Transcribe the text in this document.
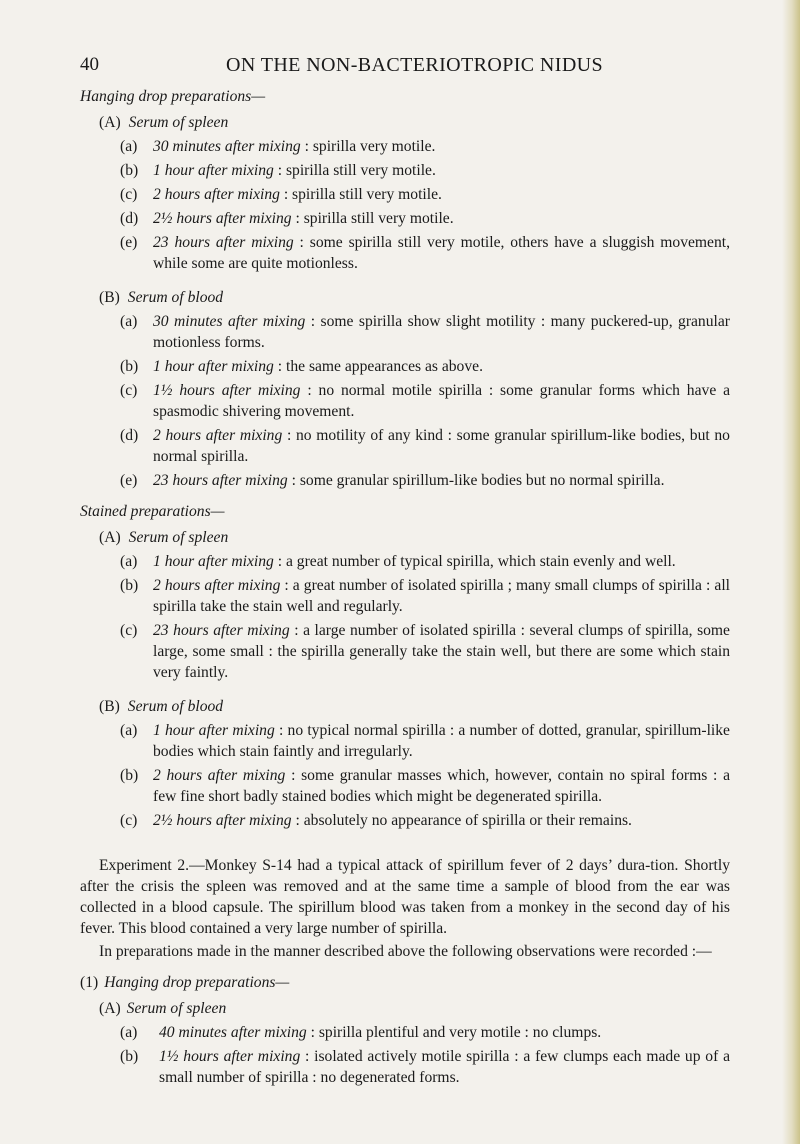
40	ON THE NON-BACTERIOTROPIC NIDUS

Hanging drop preparations—

(A) Serum of spleen
(a)	30 minutes after mixing : spirilla very motile.
(b) 1 hour after mixing : spirilla still very motile.
(c)	2 hours after mixing : spirilla still very motile.
(d) 2½ hours after mixing : spirilla still very motile.
(e)	23 hours after mixing : some spirilla still very motile, others have a sluggish movement, while some are quite motionless.
(B) Serum of blood
(a)	30 minutes after mixing : some spirilla show slight motility : many puckered-up, granular motionless forms.
(b) 1 hour after mixing : the same appearances as above.
(c)	1½ hours after mixing : no normal motile spirilla : some granular forms which have a spasmodic shivering movement.
(d) 2 hours after mixing : no motility of any kind : some granular spirillum-like bodies, but no normal spirilla.
(e)	23 hours after mixing : some granular spirillum-like bodies but no normal spirilla.

Stained preparations—

(A) Serum of spleen
(a)	1 hour after mixing : a great number of typical spirilla, which stain evenly and well.
(b) 2 hours after mixing : a great number of isolated spirilla ; many small clumps of spirilla : all spirilla take the stain well and regularly.
(c)	23 hours after mixing : a large number of isolated spirilla : several clumps of spirilla, some large, some small : the spirilla generally take the stain well, but there are some which stain very faintly.
(B) Serum of blood
(a)	1 hour after mixing : no typical normal spirilla : a number of dotted, granular, spirillum-like bodies which stain faintly and irregularly.
(b) 2 hours after mixing : some granular masses which, however, contain no spiral forms : a few fine short badly stained bodies which might be degenerated spirilla.
(c)	2½ hours after mixing : absolutely no appearance of spirilla or their remains.

Experiment 2.—Monkey S-14 had a typical attack of spirillum fever of 2 days’ dura-tion. Shortly after the crisis the spleen was removed and at the same time a sample of blood from the ear was collected in a blood capsule. The spirillum blood was taken from a monkey in the second day of his fever. This blood contained a very large number of spirilla.

In preparations made in the manner described above the following observations were recorded :—

(1) Hanging drop preparations—

(A) Serum of spleen
(a)	40 minutes after mixing : spirilla plentiful and very motile : no clumps.
(b)	1½ hours after mixing : isolated actively motile spirilla : a few clumps each made up of a small number of spirilla : no degenerated forms.
